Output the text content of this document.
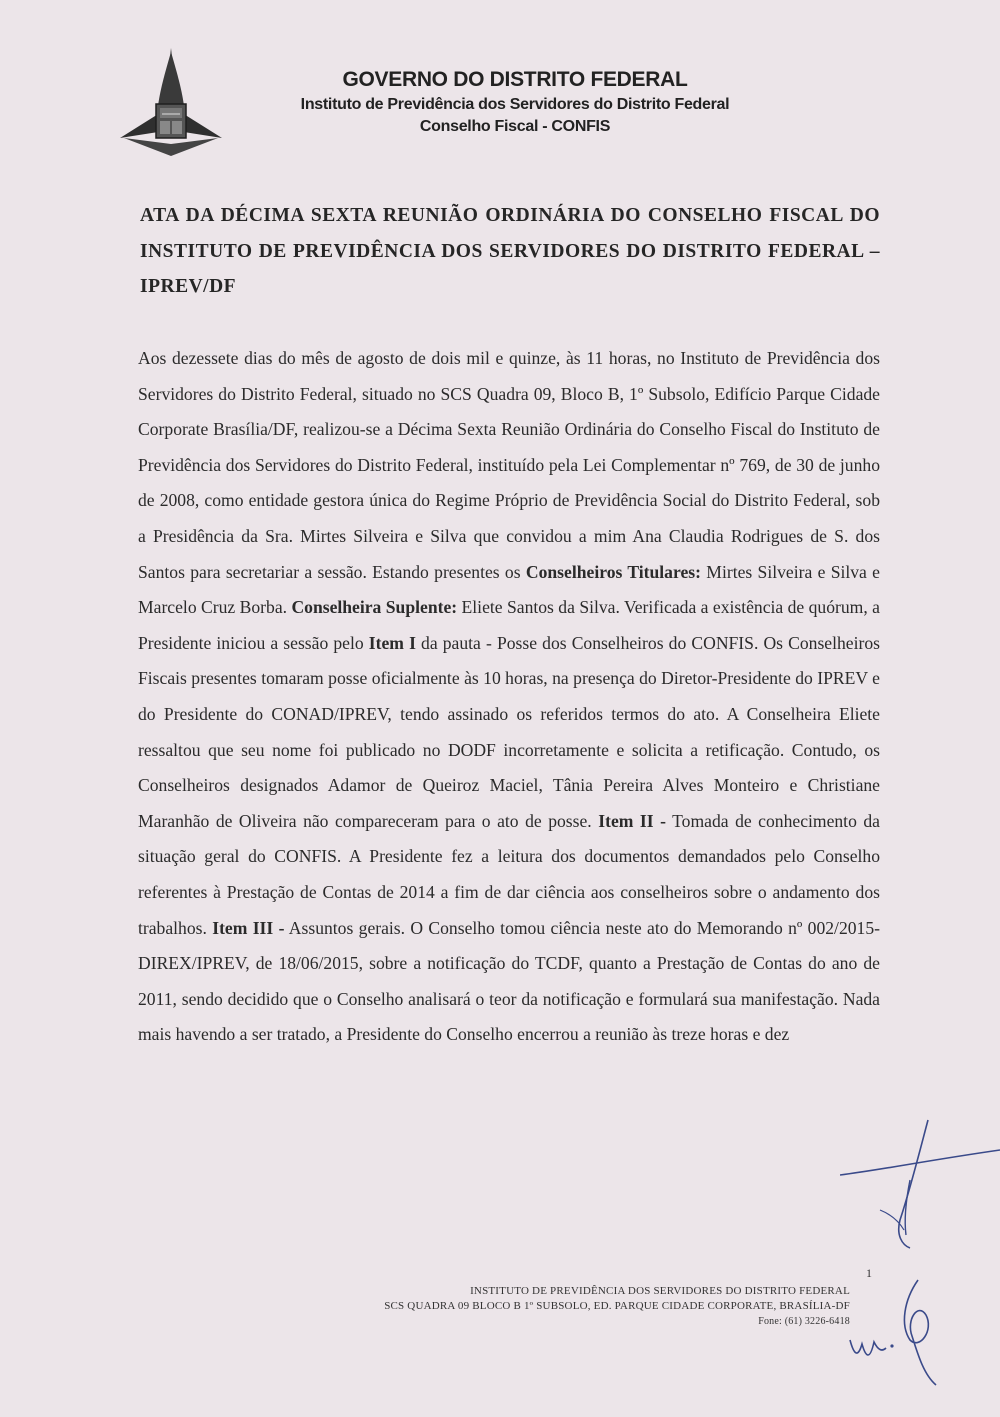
GOVERNO DO DISTRITO FEDERAL
Instituto de Previdência dos Servidores do Distrito Federal
Conselho Fiscal - CONFIS
ATA DA DÉCIMA SEXTA REUNIÃO ORDINÁRIA DO CONSELHO FISCAL DO INSTITUTO DE PREVIDÊNCIA DOS SERVIDORES DO DISTRITO FEDERAL – IPREV/DF
Aos dezessete dias do mês de agosto de dois mil e quinze, às 11 horas, no Instituto de Previdência dos Servidores do Distrito Federal, situado no SCS Quadra 09, Bloco B, 1º Subsolo, Edifício Parque Cidade Corporate Brasília/DF, realizou-se a Décima Sexta Reunião Ordinária do Conselho Fiscal do Instituto de Previdência dos Servidores do Distrito Federal, instituído pela Lei Complementar nº 769, de 30 de junho de 2008, como entidade gestora única do Regime Próprio de Previdência Social do Distrito Federal, sob a Presidência da Sra. Mirtes Silveira e Silva que convidou a mim Ana Claudia Rodrigues de S. dos Santos para secretariar a sessão. Estando presentes os Conselheiros Titulares: Mirtes Silveira e Silva e Marcelo Cruz Borba. Conselheira Suplente: Eliete Santos da Silva. Verificada a existência de quórum, a Presidente iniciou a sessão pelo Item I da pauta - Posse dos Conselheiros do CONFIS. Os Conselheiros Fiscais presentes tomaram posse oficialmente às 10 horas, na presença do Diretor-Presidente do IPREV e do Presidente do CONAD/IPREV, tendo assinado os referidos termos do ato. A Conselheira Eliete ressaltou que seu nome foi publicado no DODF incorretamente e solicita a retificação. Contudo, os Conselheiros designados Adamor de Queiroz Maciel, Tânia Pereira Alves Monteiro e Christiane Maranhão de Oliveira não compareceram para o ato de posse. Item II - Tomada de conhecimento da situação geral do CONFIS. A Presidente fez a leitura dos documentos demandados pelo Conselho referentes à Prestação de Contas de 2014 a fim de dar ciência aos conselheiros sobre o andamento dos trabalhos. Item III - Assuntos gerais. O Conselho tomou ciência neste ato do Memorando nº 002/2015-DIREX/IPREV, de 18/06/2015, sobre a notificação do TCDF, quanto a Prestação de Contas do ano de 2011, sendo decidido que o Conselho analisará o teor da notificação e formulará sua manifestação. Nada mais havendo a ser tratado, a Presidente do Conselho encerrou a reunião às treze horas e dez
1
INSTITUTO DE PREVIDÊNCIA DOS SERVIDORES DO DISTRITO FEDERAL
SCS QUADRA 09 BLOCO B 1º SUBSOLO, ED. PARQUE CIDADE CORPORATE, BRASÍLIA-DF
Fone: (61) 3226-6418
